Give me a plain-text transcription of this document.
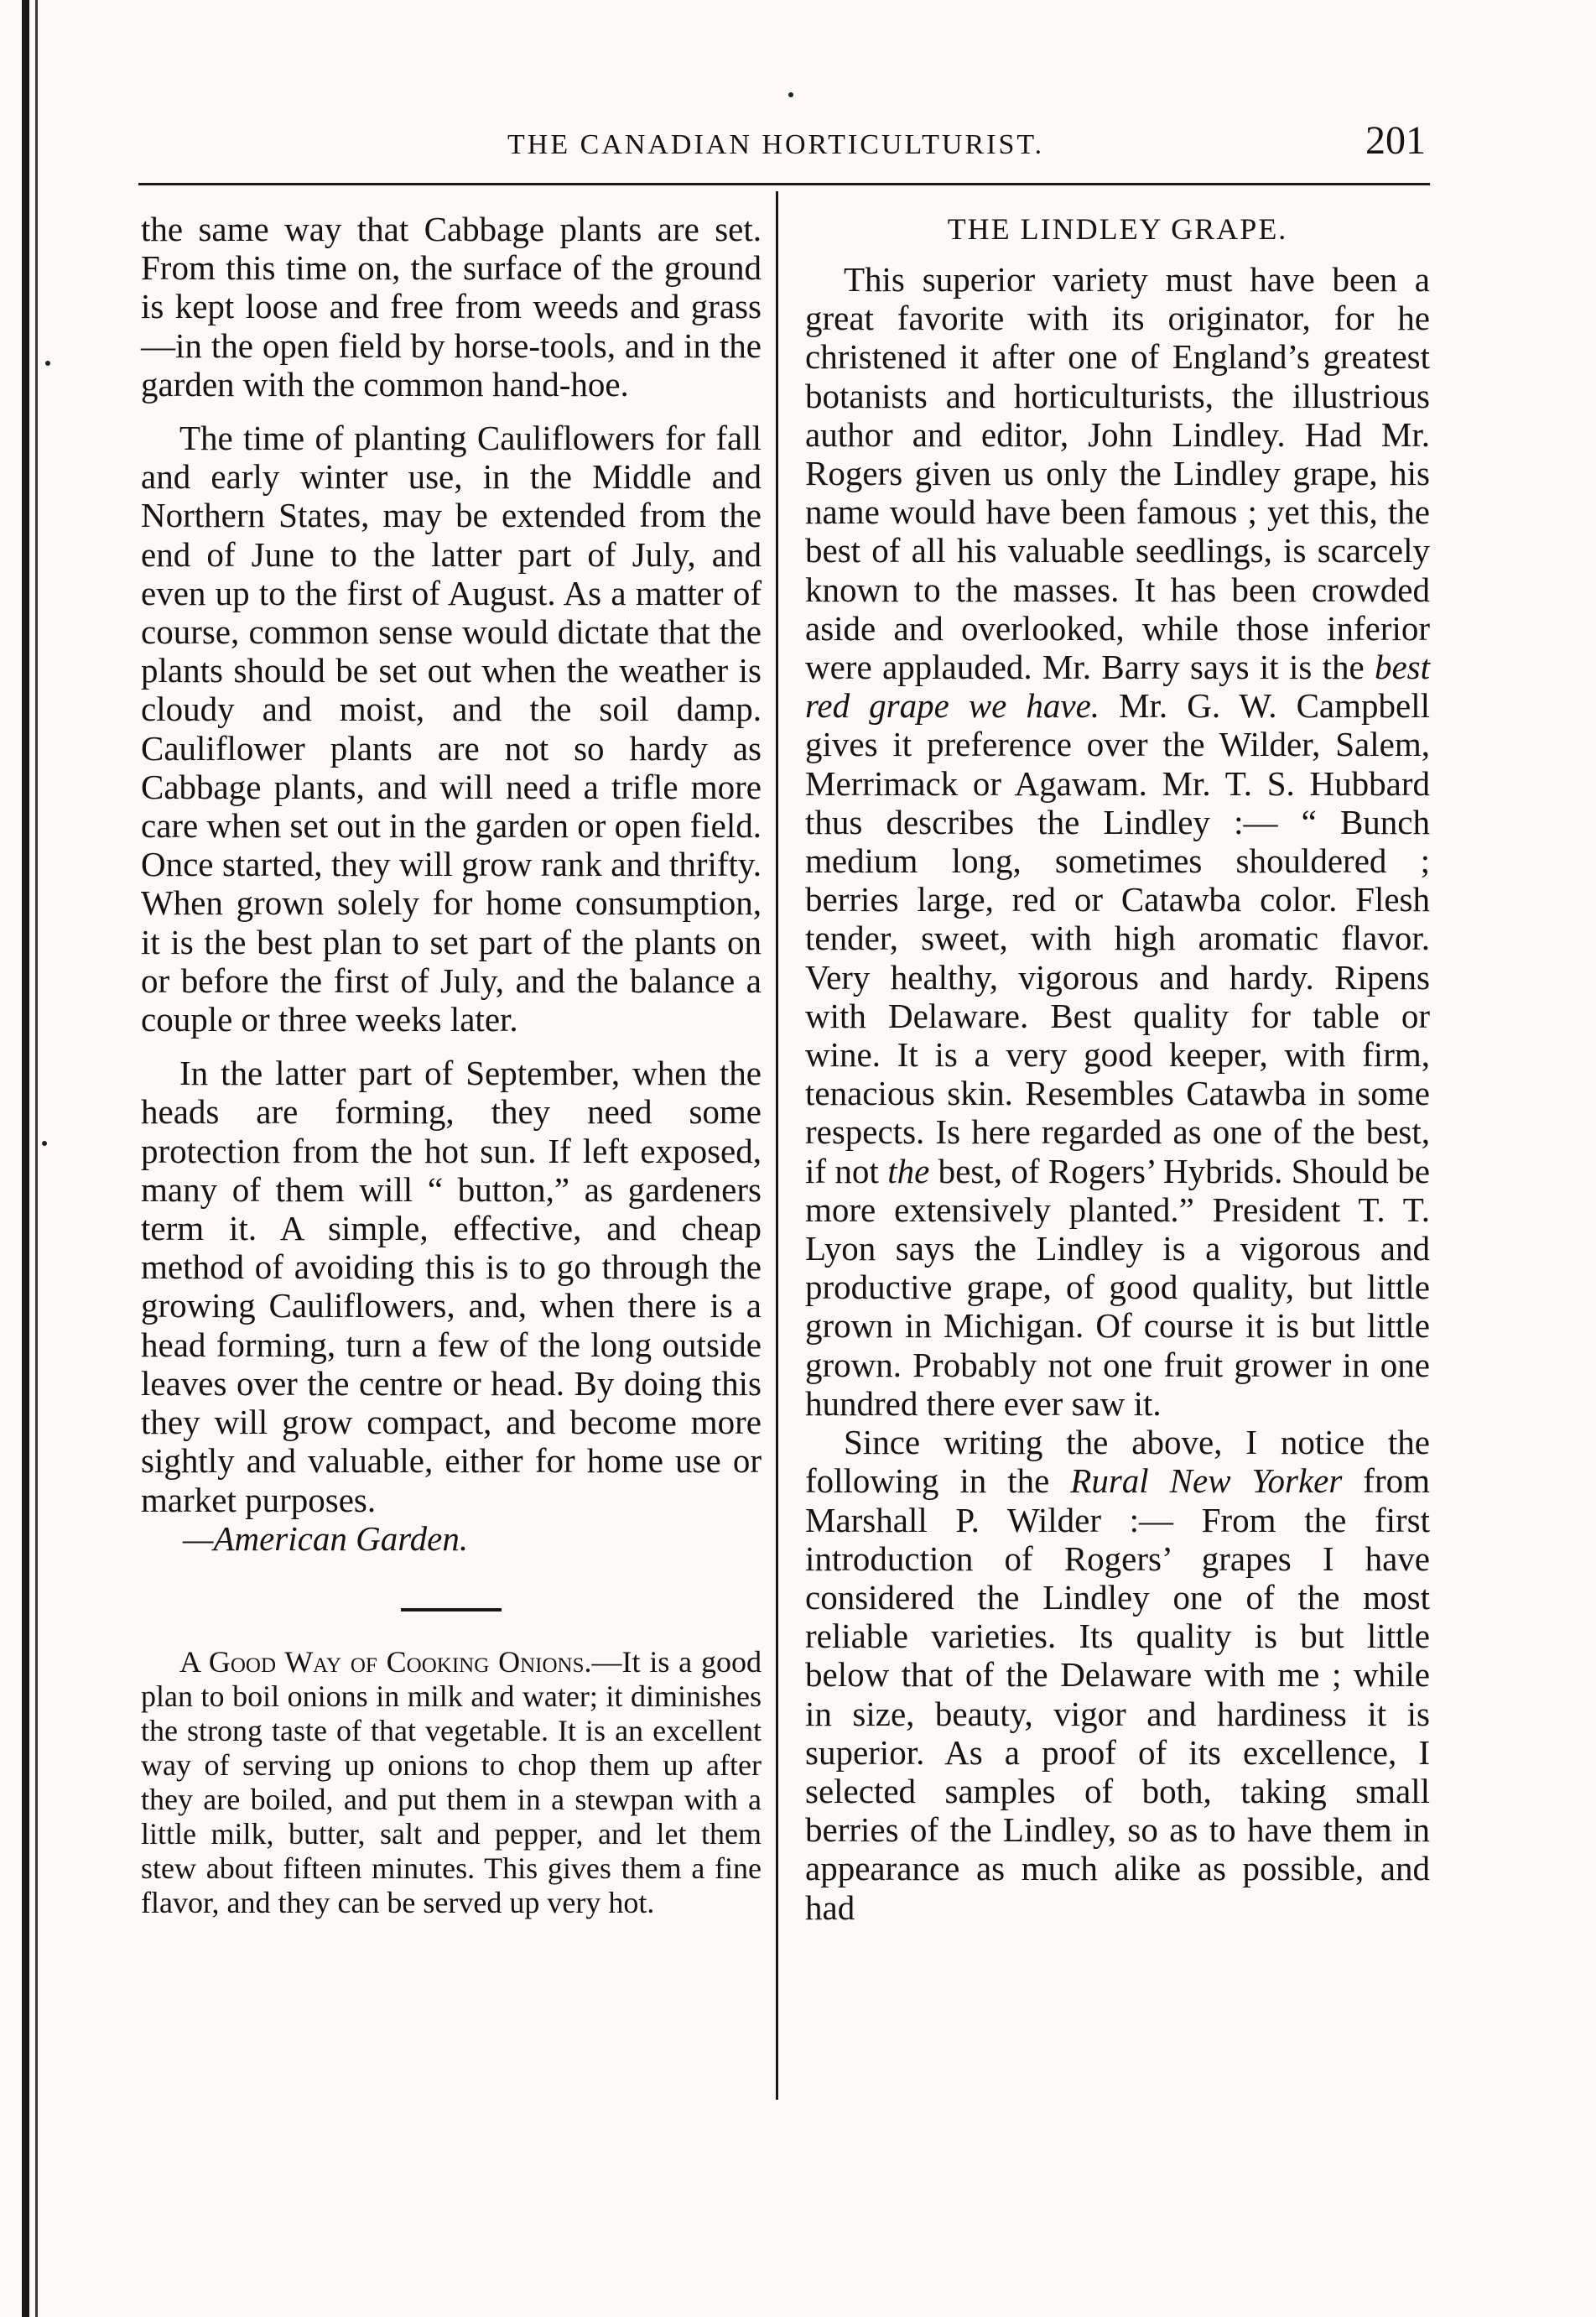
THE CANADIAN HORTICULTURIST.	201

the same way that Cabbage plants are set. From this time on, the surface of the ground is kept loose and free from weeds and grass—in the open field by horse-tools, and in the garden with the common hand-hoe.

The time of planting Cauliflowers for fall and early winter use, in the Middle and Northern States, may be extended from the end of June to the latter part of July, and even up to the first of August. As a matter of course, common sense would dictate that the plants should be set out when the weather is cloudy and moist, and the soil damp. Cauliflower plants are not so hardy as Cabbage plants, and will need a trifle more care when set out in the garden or open field. Once started, they will grow rank and thrifty. When grown solely for home consumption, it is the best plan to set part of the plants on or before the first of July, and the balance a couple or three weeks later.

In the latter part of September, when the heads are forming, they need some protection from the hot sun. If left exposed, many of them will “ button,” as gardeners term it. A simple, effective, and cheap method of avoiding this is to go through the growing Cauliflowers, and, when there is a head forming, turn a few of the long outside leaves over the centre or head. By doing this they will grow compact, and become more sightly and valuable, either for home use or market purposes.

—American Garden.

A Good Way of Cooking Onions.—It is a good plan to boil onions in milk and water; it diminishes the strong taste of that vegetable. It is an excellent way of serving up onions to chop them up after they are boiled, and put them in a stewpan with a little milk, butter, salt and pepper, and let them stew about fifteen minutes. This gives them a fine flavor, and they can be served up very hot.

THE LINDLEY GRAPE.

This superior variety must have been a great favorite with its originator, for he christened it after one of England’s greatest botanists and horticulturists, the illustrious author and editor, John Lindley. Had Mr. Rogers given us only the Lindley grape, his name would have been famous ; yet this, the best of all his valuable seedlings, is scarcely known to the masses. It has been crowded aside and overlooked, while those inferior were applauded. Mr. Barry says it is the best red grape we have. Mr. G. W. Campbell gives it preference over the Wilder, Salem, Merrimack or Agawam. Mr. T. S. Hubbard thus describes the Lindley :— “ Bunch medium long, sometimes shouldered ; berries large, red or Catawba color. Flesh tender, sweet, with high aromatic flavor. Very healthy, vigorous and hardy. Ripens with Delaware. Best quality for table or wine. It is a very good keeper, with firm, tenacious skin. Resembles Catawba in some respects. Is here regarded as one of the best, if not the best, of Rogers’ Hybrids. Should be more extensively planted.” President T. T. Lyon says the Lindley is a vigorous and productive grape, of good quality, but little grown in Michigan. Of course it is but little grown. Probably not one fruit grower in one hundred there ever saw it.

Since writing the above, I notice the following in the Rural New Yorker from Marshall P. Wilder :— From the first introduction of Rogers’ grapes I have considered the Lindley one of the most reliable varieties. Its quality is but little below that of the Delaware with me ; while in size, beauty, vigor and hardiness it is superior. As a proof of its excellence, I selected samples of both, taking small berries of the Lindley, so as to have them in appearance as much alike as possible, and had
